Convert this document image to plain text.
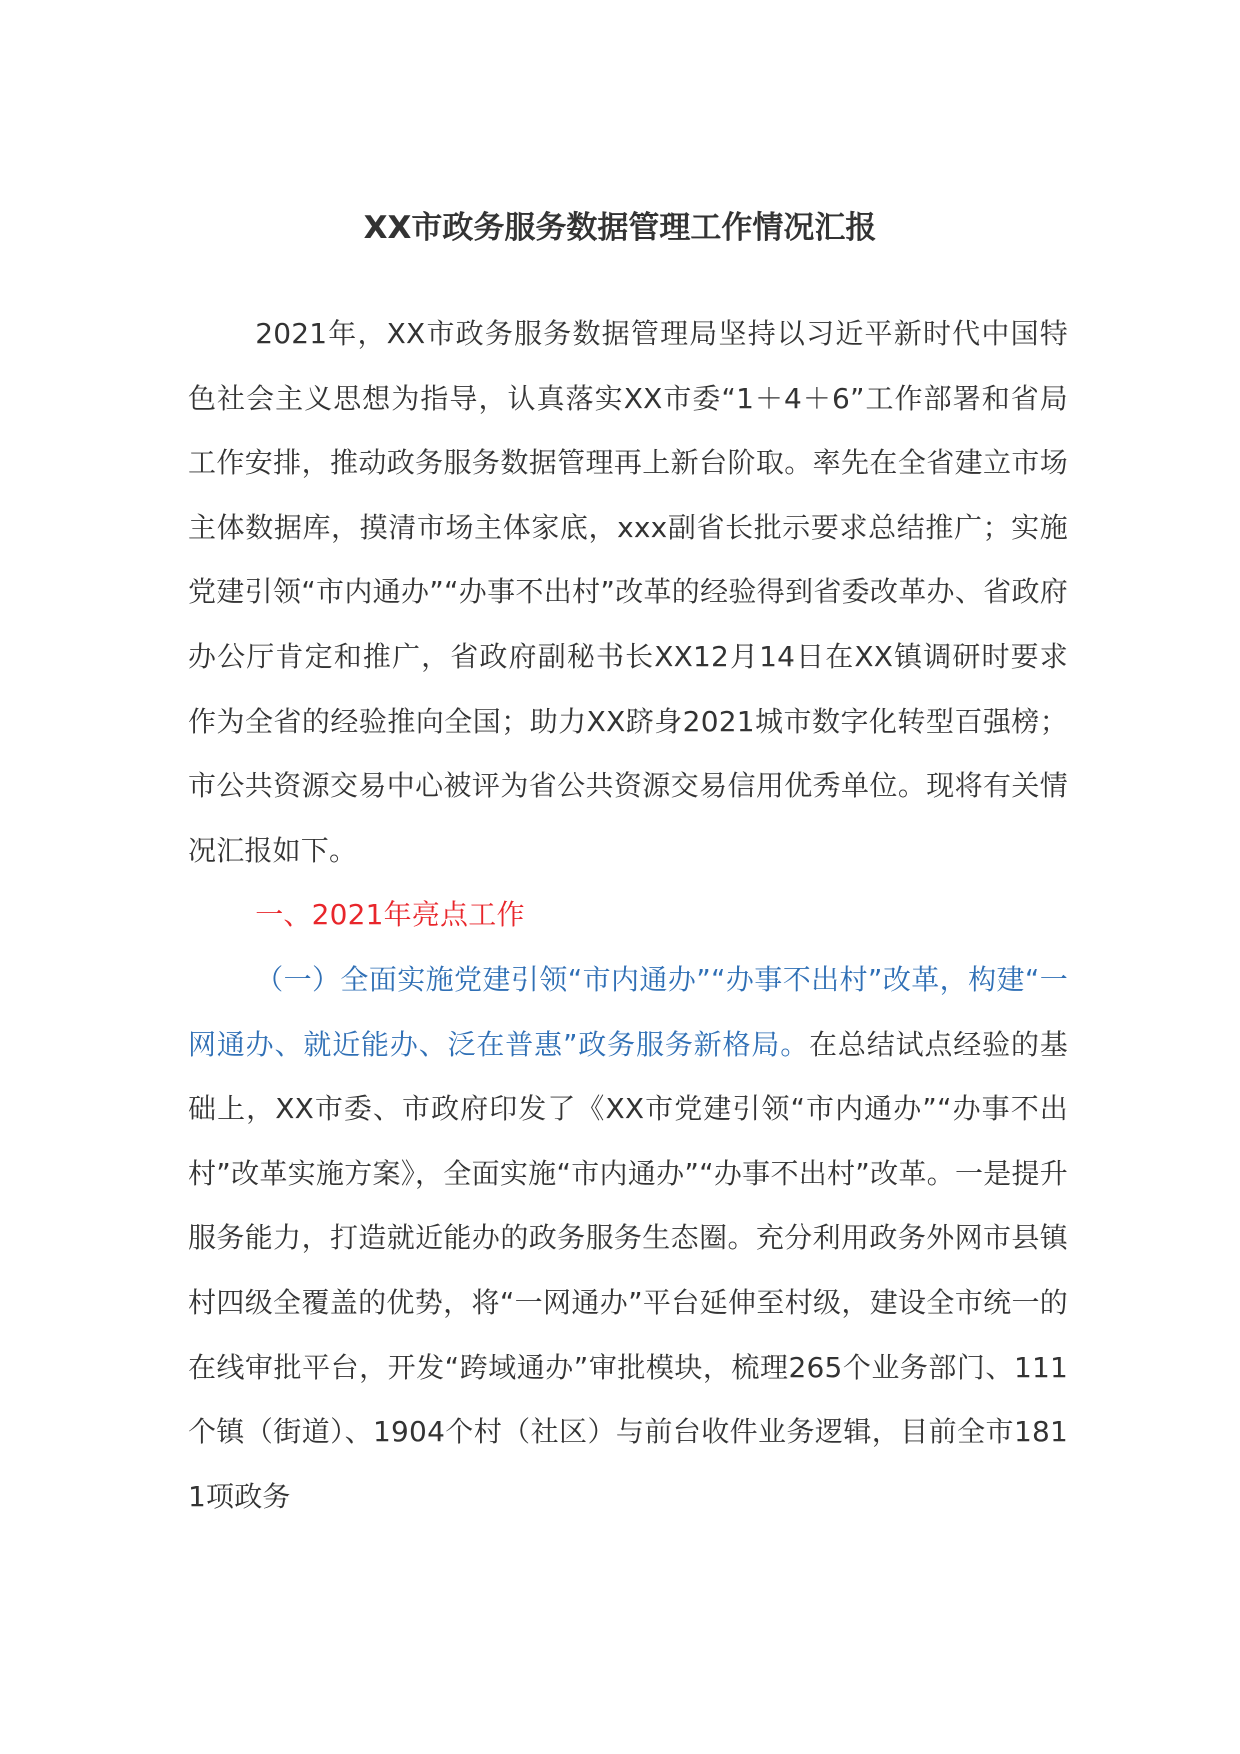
XX市政务服务数据管理工作情况汇报

2021年，XX市政务服务数据管理局坚持以习近平新时代中国特色社会主义思想为指导，认真落实XX市委“1＋4＋6”工作部署和省局工作安排，推动政务服务数据管理再上新台阶取。率先在全省建立市场主体数据库，摸清市场主体家底，xxx副省长批示要求总结推广；实施党建引领“市内通办”“办事不出村”改革的经验得到省委改革办、省政府办公厅肯定和推广，省政府副秘书长XX12月14日在XX镇调研时要求作为全省的经验推向全国；助力XX跻身2021城市数字化转型百强榜；市公共资源交易中心被评为省公共资源交易信用优秀单位。现将有关情况汇报如下。

一、2021年亮点工作

（一）全面实施党建引领“市内通办”“办事不出村”改革，构建“一网通办、就近能办、泛在普惠”政务服务新格局。在总结试点经验的基础上，XX市委、市政府印发了《XX市党建引领“市内通办”“办事不出村”改革实施方案》，全面实施“市内通办”“办事不出村”改革。一是提升服务能力，打造就近能办的政务服务生态圈。充分利用政务外网市县镇村四级全覆盖的优势，将“一网通办”平台延伸至村级，建设全市统一的在线审批平台，开发“跨域通办”审批模块，梳理265个业务部门、111个镇（街道）、1904个村（社区）与前台收件业务逻辑，目前全市1811项政务
